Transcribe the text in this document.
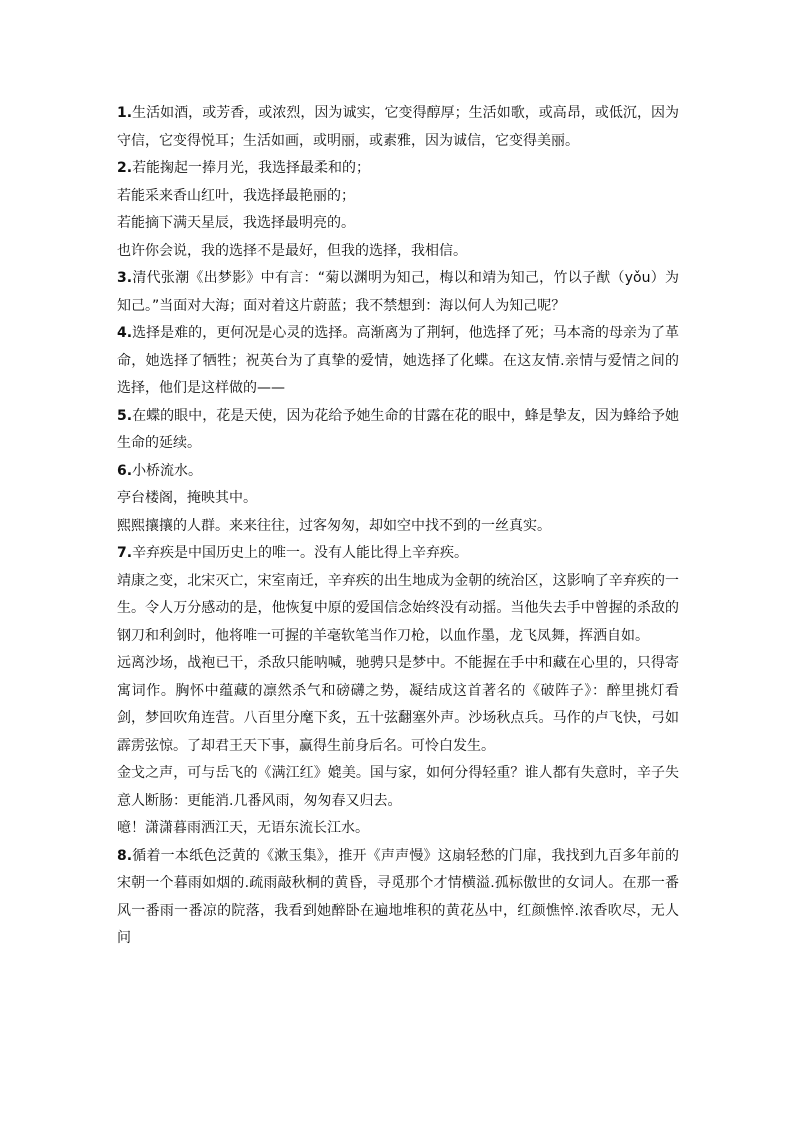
1.生活如酒，或芳香，或浓烈，因为诚实，它变得醇厚；生活如歌，或高昂，或低沉，因为守信，它变得悦耳；生活如画，或明丽，或素雅，因为诚信，它变得美丽。

2.若能掬起一捧月光，我选择最柔和的；

若能采来香山红叶，我选择最艳丽的；

若能摘下满天星辰，我选择最明亮的。

也许你会说，我的选择不是最好，但我的选择，我相信。

3.清代张潮《出梦影》中有言：“菊以渊明为知己，梅以和靖为知己，竹以子猷（yǒu）为知己。”当面对大海；面对着这片蔚蓝；我不禁想到：海以何人为知己呢？

4.选择是难的，更何况是心灵的选择。高渐离为了荆轲，他选择了死；马本斋的母亲为了革命，她选择了牺牲；祝英台为了真挚的爱情，她选择了化蝶。在这友情.亲情与爱情之间的选择，他们是这样做的——

5.在蝶的眼中，花是天使，因为花给予她生命的甘露在花的眼中，蜂是挚友，因为蜂给予她生命的延续。

6.小桥流水。

亭台楼阁，掩映其中。

熙熙攘攘的人群。来来往往，过客匆匆，却如空中找不到的一丝真实。

7.辛弃疾是中国历史上的唯一。没有人能比得上辛弃疾。

靖康之变，北宋灭亡，宋室南迁，辛弃疾的出生地成为金朝的统治区，这影响了辛弃疾的一生。令人万分感动的是，他恢复中原的爱国信念始终没有动摇。当他失去手中曾握的杀敌的钢刀和利剑时，他将唯一可握的羊毫软笔当作刀枪，以血作墨，龙飞凤舞，挥洒自如。

远离沙场，战袍已干，杀敌只能呐喊，驰骋只是梦中。不能握在手中和藏在心里的，只得寄寓词作。胸怀中蕴藏的凛然杀气和磅礴之势，凝结成这首著名的《破阵子》：醉里挑灯看剑，梦回吹角连营。八百里分麾下炙，五十弦翻塞外声。沙场秋点兵。马作的卢飞快，弓如霹雳弦惊。了却君王天下事，赢得生前身后名。可怜白发生。

金戈之声，可与岳飞的《满江红》媲美。国与家，如何分得轻重？谁人都有失意时，辛子失意人断肠：更能消.几番风雨，匆匆春又归去。

噫！潇潇暮雨洒江天，无语东流长江水。

8.循着一本纸色泛黄的《漱玉集》，推开《声声慢》这扇轻愁的门扉，我找到九百多年前的宋朝一个暮雨如烟的.疏雨敲秋桐的黄昏，寻觅那个才情横溢.孤标傲世的女词人。在那一番风一番雨一番凉的院落，我看到她醉卧在遍地堆积的黄花丛中，红颜憔悴.浓香吹尽，无人问
